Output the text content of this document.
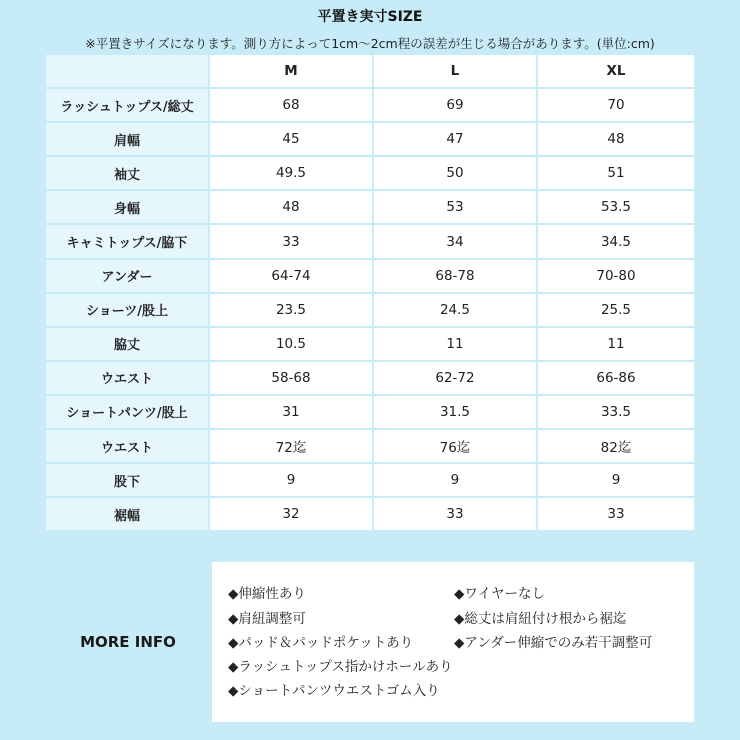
平置き実寸SIZE
※平置きサイズになります。測り方によって1cm〜2cm程の誤差が生じる場合があります。(単位:cm)
	M	L	XL
ラッシュトップス/総丈	68	69	70
肩幅	45	47	48
袖丈	49.5	50	51
身幅	48	53	53.5
キャミトップス/脇下	33	34	34.5
アンダー	64-74	68-78	70-80
ショーツ/股上	23.5	24.5	25.5
脇丈	10.5	11	11
ウエスト	58-68	62-72	66-86
ショートパンツ/股上	31	31.5	33.5
ウエスト	72迄	76迄	82迄
股下	9	9	9
裾幅	32	33	33
MORE INFO
◆伸縮性あり	◆ワイヤーなし
◆肩紐調整可	◆総丈は肩紐付け根から裾迄
◆パッド＆パッドポケットあり	◆アンダー伸縮でのみ若干調整可
◆ラッシュトップス指かけホールあり
◆ショートパンツウエストゴム入り
